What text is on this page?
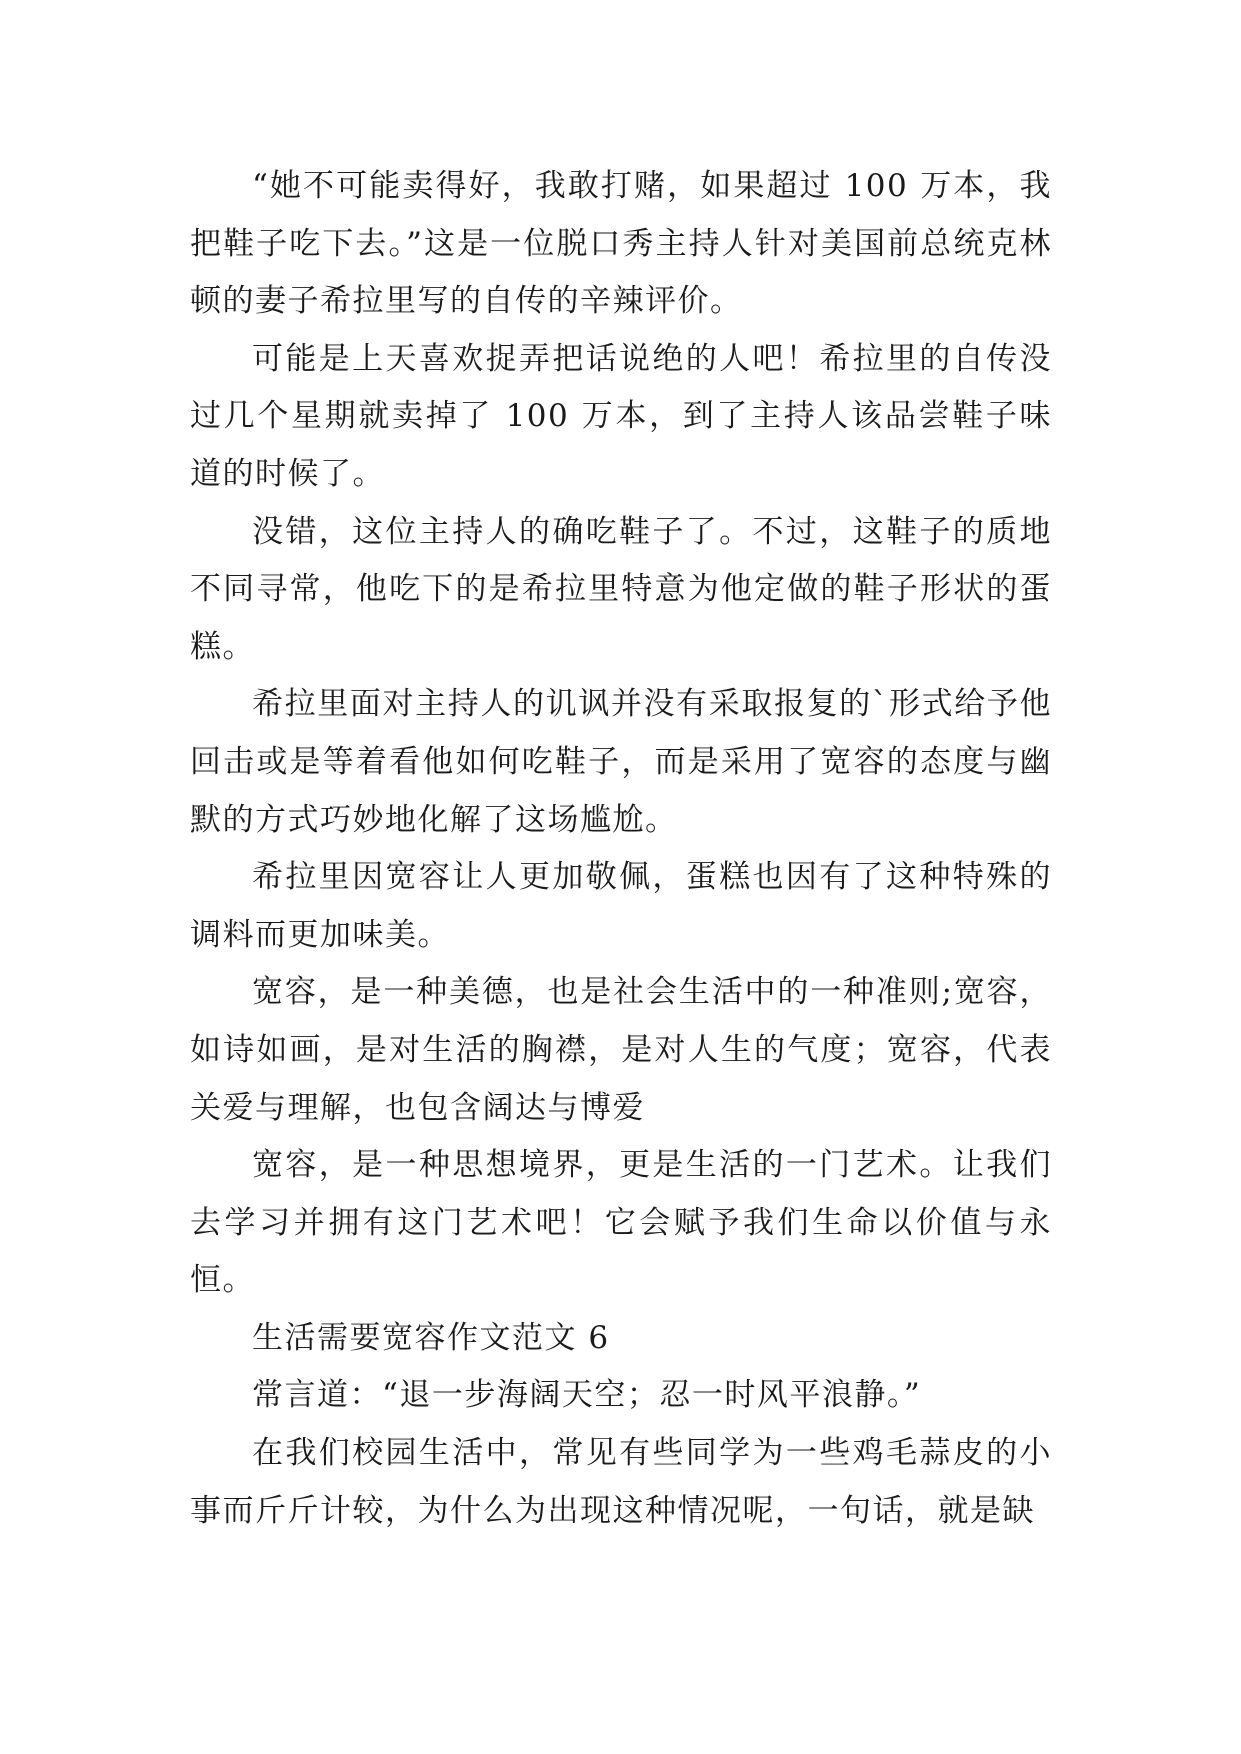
“她不可能卖得好，我敢打赌，如果超过 100 万本，我把鞋子吃下去。”这是一位脱口秀主持人针对美国前总统克林顿的妻子希拉里写的自传的辛辣评价。

可能是上天喜欢捉弄把话说绝的人吧！希拉里的自传没过几个星期就卖掉了 100 万本，到了主持人该品尝鞋子味道的时候了。

没错，这位主持人的确吃鞋子了。不过，这鞋子的质地不同寻常，他吃下的是希拉里特意为他定做的鞋子形状的蛋糕。

希拉里面对主持人的讥讽并没有采取报复的`形式给予他回击或是等着看他如何吃鞋子，而是采用了宽容的态度与幽默的方式巧妙地化解了这场尴尬。

希拉里因宽容让人更加敬佩，蛋糕也因有了这种特殊的调料而更加味美。

宽容，是一种美德，也是社会生活中的一种准则;宽容，如诗如画，是对生活的胸襟，是对人生的气度；宽容，代表关爱与理解，也包含阔达与博爱

宽容，是一种思想境界，更是生活的一门艺术。让我们去学习并拥有这门艺术吧！它会赋予我们生命以价值与永恒。

生活需要宽容作文范文 6

常言道：“退一步海阔天空；忍一时风平浪静。”

在我们校园生活中，常见有些同学为一些鸡毛蒜皮的小事而斤斤计较，为什么为出现这种情况呢，一句话，就是缺
